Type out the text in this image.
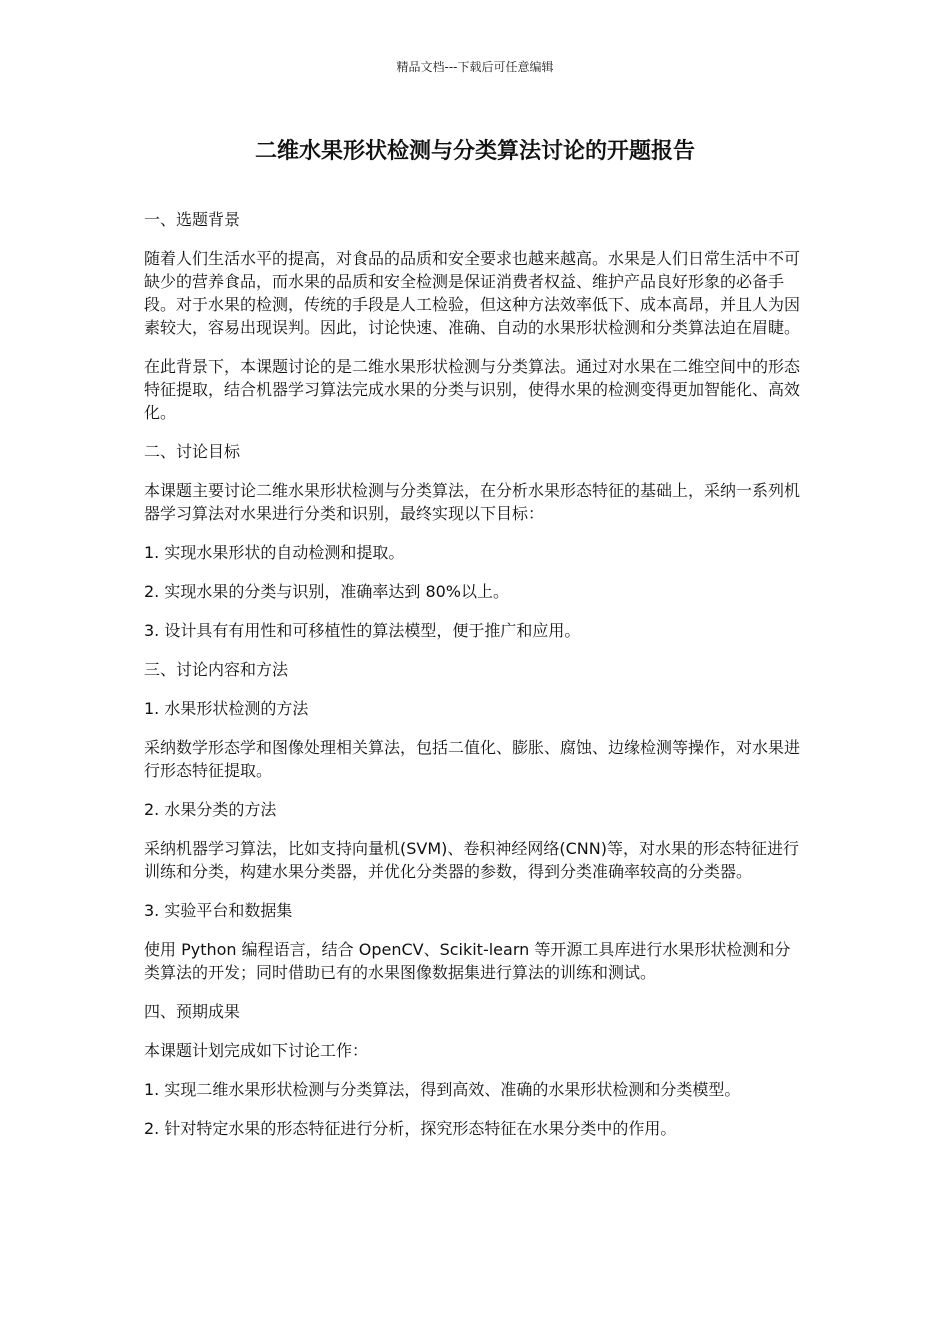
精品文档---下载后可任意编辑
二维水果形状检测与分类算法讨论的开题报告

一、选题背景

随着人们生活水平的提高，对食品的品质和安全要求也越来越高。水果是人们日常生活中不可缺少的营养食品，而水果的品质和安全检测是保证消费者权益、维护产品良好形象的必备手段。对于水果的检测，传统的手段是人工检验，但这种方法效率低下、成本高昂，并且人为因素较大，容易出现误判。因此，讨论快速、准确、自动的水果形状检测和分类算法迫在眉睫。

在此背景下，本课题讨论的是二维水果形状检测与分类算法。通过对水果在二维空间中的形态特征提取，结合机器学习算法完成水果的分类与识别，使得水果的检测变得更加智能化、高效化。

二、讨论目标

本课题主要讨论二维水果形状检测与分类算法，在分析水果形态特征的基础上，采纳一系列机器学习算法对水果进行分类和识别，最终实现以下目标：

1. 实现水果形状的自动检测和提取。

2. 实现水果的分类与识别，准确率达到 80%以上。

3. 设计具有有用性和可移植性的算法模型，便于推广和应用。

三、讨论内容和方法

1. 水果形状检测的方法

采纳数学形态学和图像处理相关算法，包括二值化、膨胀、腐蚀、边缘检测等操作，对水果进行形态特征提取。

2. 水果分类的方法

采纳机器学习算法，比如支持向量机(SVM)、卷积神经网络(CNN)等，对水果的形态特征进行训练和分类，构建水果分类器，并优化分类器的参数，得到分类准确率较高的分类器。

3. 实验平台和数据集

使用 Python 编程语言，结合 OpenCV、Scikit-learn 等开源工具库进行水果形状检测和分类算法的开发；同时借助已有的水果图像数据集进行算法的训练和测试。

四、预期成果

本课题计划完成如下讨论工作：

1. 实现二维水果形状检测与分类算法，得到高效、准确的水果形状检测和分类模型。

2. 针对特定水果的形态特征进行分析，探究形态特征在水果分类中的作用。
